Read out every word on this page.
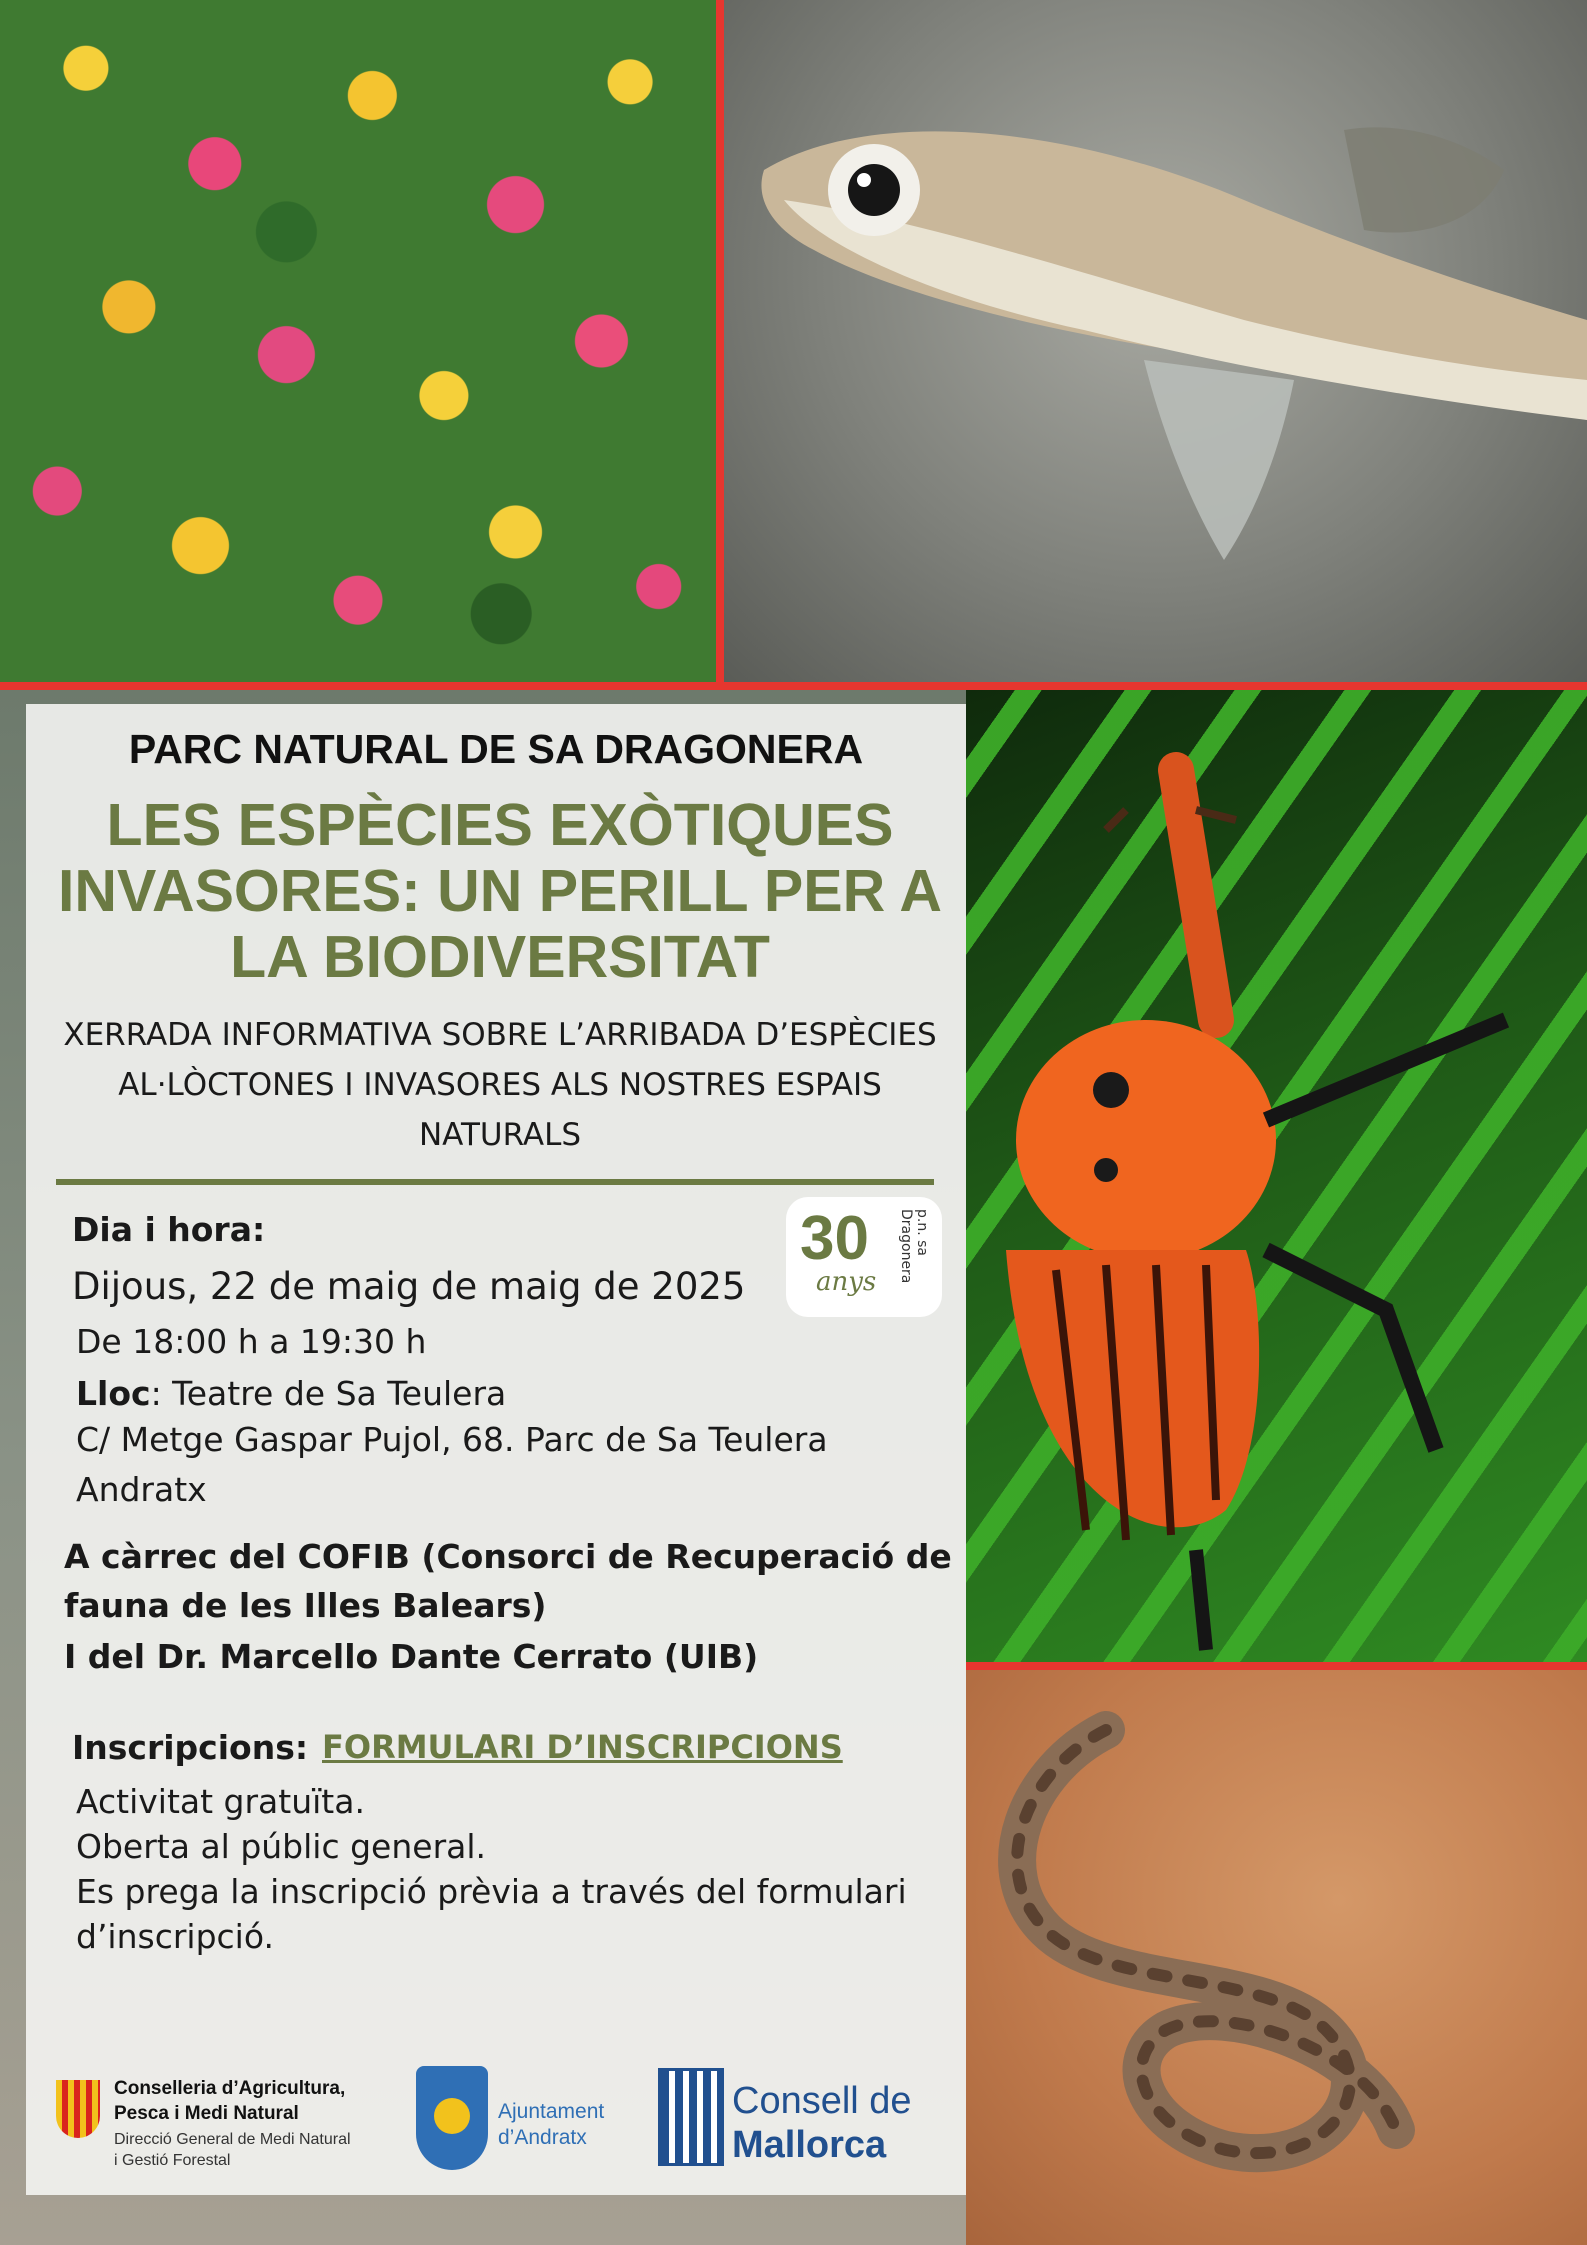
PARC NATURAL DE SA DRAGONERA
LES ESPÈCIES EXÒTIQUES INVASORES: UN PERILL PER A LA BIODIVERSITAT

XERRADA INFORMATIVA SOBRE L’ARRIBADA D’ESPÈCIES AL·LÒCTONES I INVASORES ALS NOSTRES ESPAIS NATURALS

Dia i hora:

Dijous, 22 de maig de maig de 2025

De 18:00 h a 19:30 h

Lloc: Teatre de Sa Teulera

C/ Metge Gaspar Pujol, 68. Parc de Sa Teulera

Andratx

A càrrec del COFIB (Consorci de Recuperació de

fauna de les Illes Balears)

I del Dr. Marcello Dante Cerrato (UIB)

Inscripcions: FORMULARI D’INSCRIPCIONS

Activitat gratuïta.

Oberta al públic general.

Es prega la inscripció prèvia a través del formulari

d’inscripció.

30
anys
p.n. sa Dragonera

Conselleria d’Agricultura,

Pesca i Medi Natural

Direcció General de Medi Natural

i Gestió Forestal

Ajuntament

d’Andratx

Consell de

Mallorca
